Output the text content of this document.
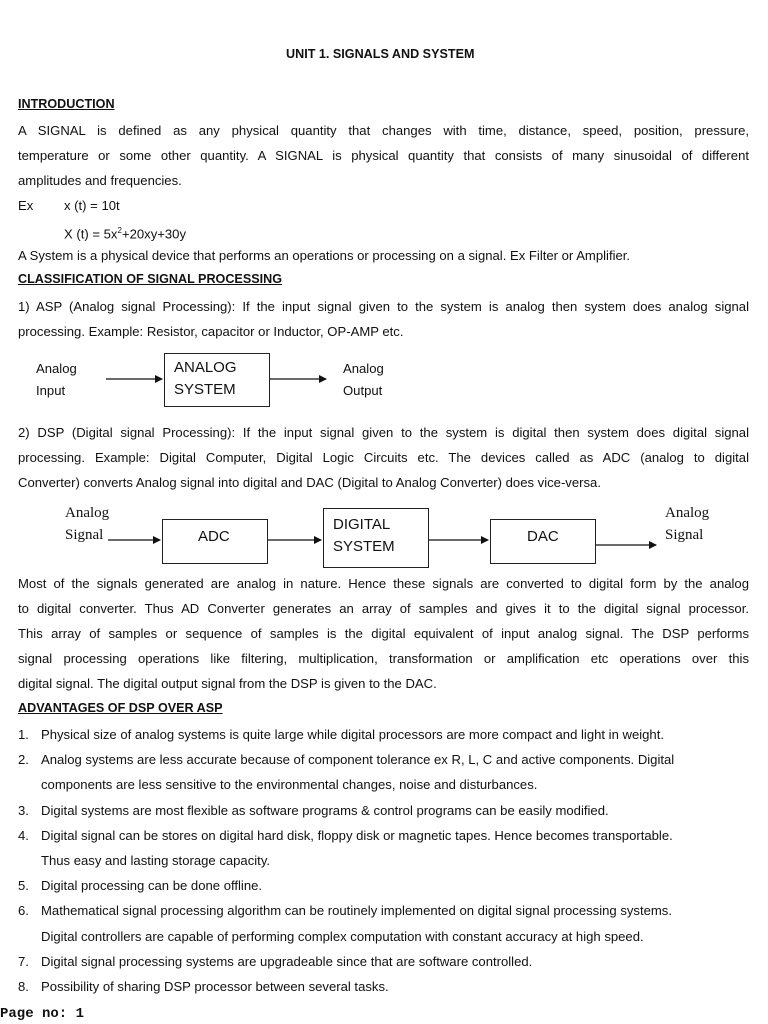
UNIT 1. SIGNALS AND SYSTEM
INTRODUCTION
A SIGNAL is defined as any physical quantity that changes with time, distance, speed, position, pressure,
temperature or some other quantity. A SIGNAL is physical quantity that consists of many sinusoidal of different
amplitudes and frequencies.
Ex x (t) = 10t
X $(t) = 5x^2+20xy+30y$
A System is a physical device that performs an operations or processing on a signal. Ex Filter or Amplifier.
CLASSIFICATION OF SIGNAL PROCESSING
1) ASP (Analog signal Processing): If the input signal given to the system is analog then system does analog signal
processing. Example: Resistor, capacitor or Inductor, OP-AMP etc.
Analog
Input
ANALOG
SYSTEM
Analog
Output
2) DSP (Digital signal Processing): If the input signal given to the system is digital then system does digital signal
processing. Example: Digital Computer, Digital Logic Circuits etc. The devices called as ADC (analog to digital
Converter) converts Analog signal into digital and DAC (Digital to Analog Converter) does vice-versa.
Analog
Signal	ADC
DIGITAL
SYSTEM
DAC
Analog
Signal
Most of the signals generated are analog in nature. Hence these signals are converted to digital form by the analog
to digital converter. Thus AD Converter generates an array of samples and gives it to the digital signal processor.
This array of samples or sequence of samples is the digital equivalent of input analog signal. The DSP performs
signal processing operations like filtering, multiplication, transformation or amplification etc operations over this
digital signal. The digital output signal from the DSP is given to the DAC.
ADVANTAGES OF DSP OVER ASP
1. Physical size of analog systems is quite large while digital processors are more compact and light in weight.
2. Analog systems are less accurate because of component tolerance ex R, L, C and active components. Digital
components are less sensitive to the environmental changes, noise and disturbances.
3. Digital systems are most flexible as software programs & control programs can be easily modified.
4. Digital signal can be stores on digital hard disk, floppy disk or magnetic tapes. Hence becomes transportable.
Thus easy and lasting storage capacity.
5. Digital processing can be done offline.
6. Mathematical signal processing algorithm can be routinely implemented on digital signal processing systems.
Digital controllers are capable of performing complex computation with constant accuracy at high speed.
7. Digital signal processing systems are upgradeable since that are software controlled.
8. Possibility of sharing DSP processor between several tasks.
Page no: 1
